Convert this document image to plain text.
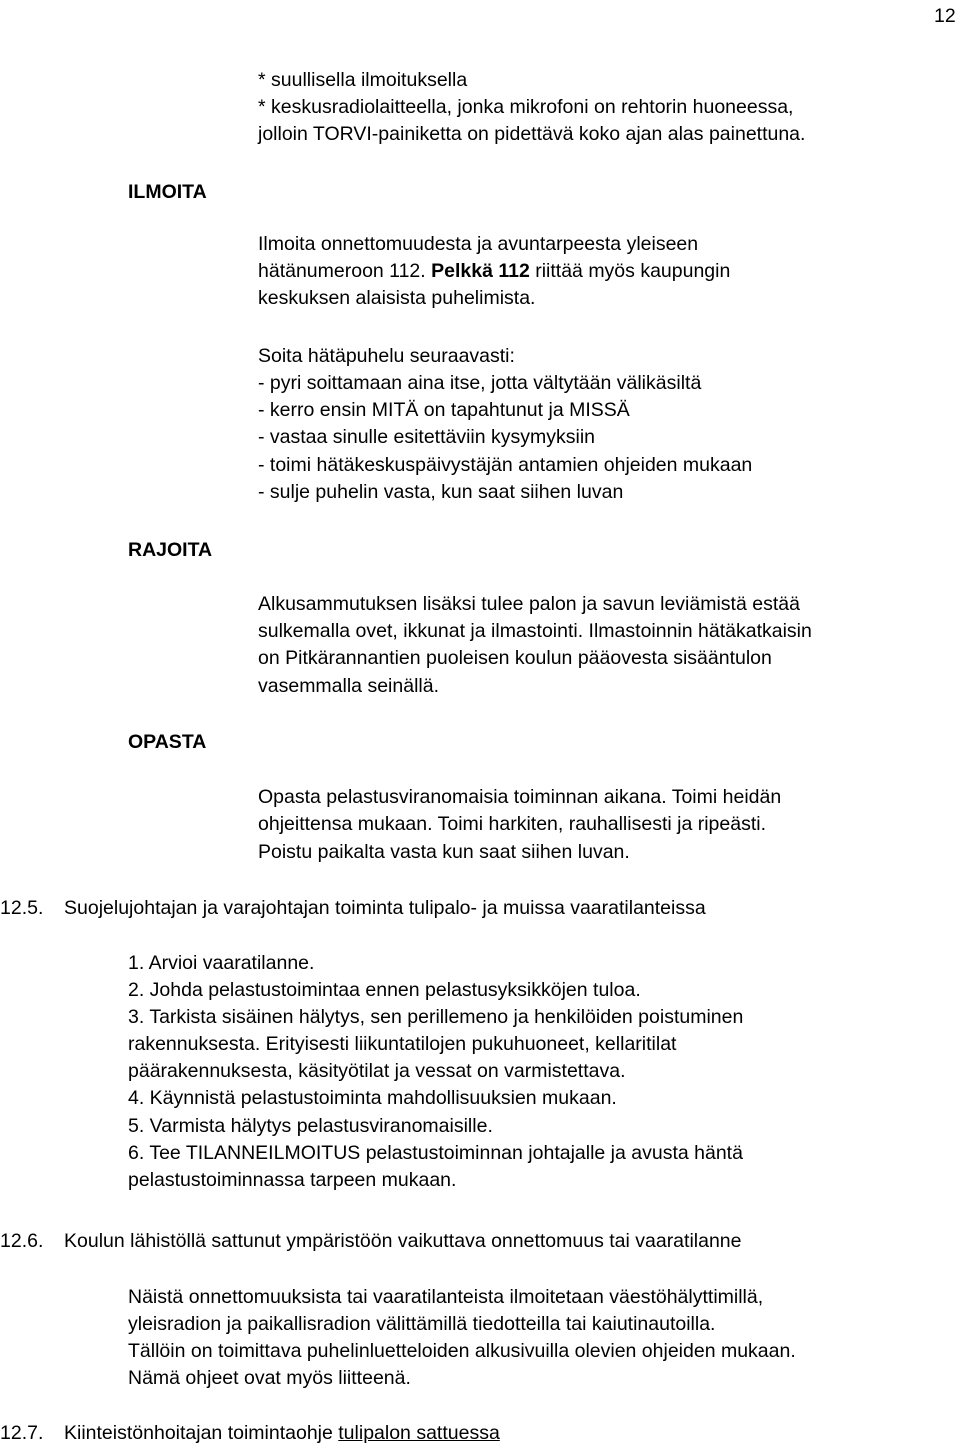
12
ILMOITA
RAJOITA
OPASTA
* suullisella ilmoituksella
* keskusradiolaitteella, jonka mikrofoni on rehtorin huoneessa,
jolloin TORVI-painiketta on pidettävä koko ajan alas painettuna.
Ilmoita onnettomuudesta ja avuntarpeesta yleiseen
hätänumeroon 112. Pelkkä 112 riittää myös kaupungin
keskuksen alaisista puhelimista.
Soita hätäpuhelu seuraavasti:
- pyri soittamaan aina itse, jotta vältytään välikäsiltä
- kerro ensin MITÄ on tapahtunut ja MISSÄ
- vastaa sinulle esitettäviin kysymyksiin
- toimi hätäkeskuspäivystäjän antamien ohjeiden mukaan
- sulje puhelin vasta, kun saat siihen luvan
Alkusammutuksen lisäksi tulee palon ja savun leviämistä estää
sulkemalla ovet, ikkunat ja ilmastointi. Ilmastoinnin hätäkatkaisin
on Pitkärannantien puoleisen koulun pääovesta sisääntulon
vasemmalla seinällä.
Opasta pelastusviranomaisia toiminnan aikana. Toimi heidän
ohjeittensa mukaan. Toimi harkiten, rauhallisesti ja ripeästi.
Poistu paikalta vasta kun saat siihen luvan.
12.5. Suojelujohtajan ja varajohtajan toiminta tulipalo- ja muissa vaaratilanteissa
1. Arvioi vaaratilanne.
2. Johda pelastustoimintaa ennen pelastusyksikköjen tuloa.
3. Tarkista sisäinen hälytys, sen perillemeno ja henkilöiden poistuminen
rakennuksesta. Erityisesti liikuntatilojen pukuhuoneet, kellaritilat
päärakennuksesta, käsityötilat ja vessat on varmistettava.
4. Käynnistä pelastustoiminta mahdollisuuksien mukaan.
5. Varmista hälytys pelastusviranomaisille.
6. Tee TILANNEILMOITUS pelastustoiminnan johtajalle ja avusta häntä
pelastustoiminnassa tarpeen mukaan.
12.6. Koulun lähistöllä sattunut ympäristöön vaikuttava onnettomuus tai vaaratilanne
Näistä onnettomuuksista tai vaaratilanteista ilmoitetaan väestöhälyttimillä,
yleisradion ja paikallisradion välittämillä tiedotteilla tai kaiutinautoilla.
Tällöin on toimittava puhelinluetteloiden alkusivuilla olevien ohjeiden mukaan.
Nämä ohjeet ovat myös liitteenä.
12.7. Kiinteistönhoitajan toimintaohje tulipalon sattuessa
